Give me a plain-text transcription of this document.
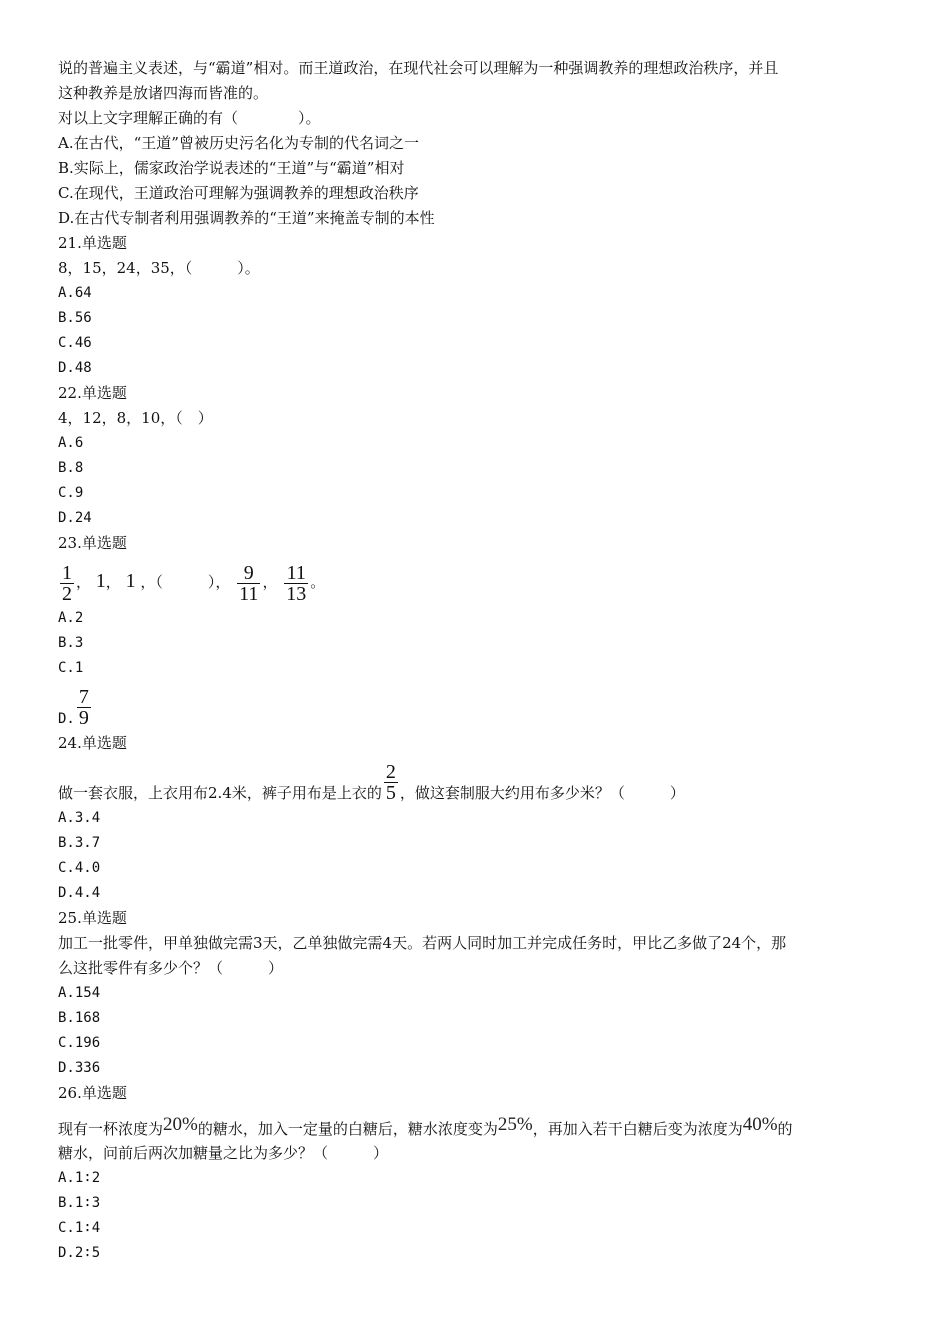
说的普遍主义表述，与“霸道”相对。而王道政治，在现代社会可以理解为一种强调教养的理想政治秩序，并且
这种教养是放诸四海而皆准的。
对以上文字理解正确的有（　　　　）。
A.在古代，“王道”曾被历史污名化为专制的代名词之一
B.实际上，儒家政治学说表述的“王道”与“霸道”相对
C.在现代，王道政治可理解为强调教养的理想政治秩序
D.在古代专制者利用强调教养的“王道”来掩盖专制的本性
21.单选题
8，15，24，35，（　　　）。
A.64
B.56
C.46
D.48
22.单选题
4，12，8，10，（　）
A.6
B.8
C.9
D.24
23.单选题
$\frac{1}{2}$ ， 1， 1 ，（　　　）， $\frac{9}{11}$ ， $\frac{11}{13}$ 。
A.2
B.3
C.1
D. $\frac{7}{9}$
24.单选题
做一套衣服，上衣用布2.4米，裤子用布是上衣的 $\frac{2}{5}$ ，做这套制服大约用布多少米？（　　　）
A.3.4
B.3.7
C.4.0
D.4.4
25.单选题
加工一批零件，甲单独做完需3天，乙单独做完需4天。若两人同时加工并完成任务时，甲比乙多做了24个，那
么这批零件有多少个？（　　　）
A.154
B.168
C.196
D.336
26.单选题
现有一杯浓度为20%的糖水，加入一定量的白糖后，糖水浓度变为25%，再加入若干白糖后变为浓度为40%的
糖水，问前后两次加糖量之比为多少？（　　　）
A.1∶2
B.1∶3
C.1∶4
D.2∶5
